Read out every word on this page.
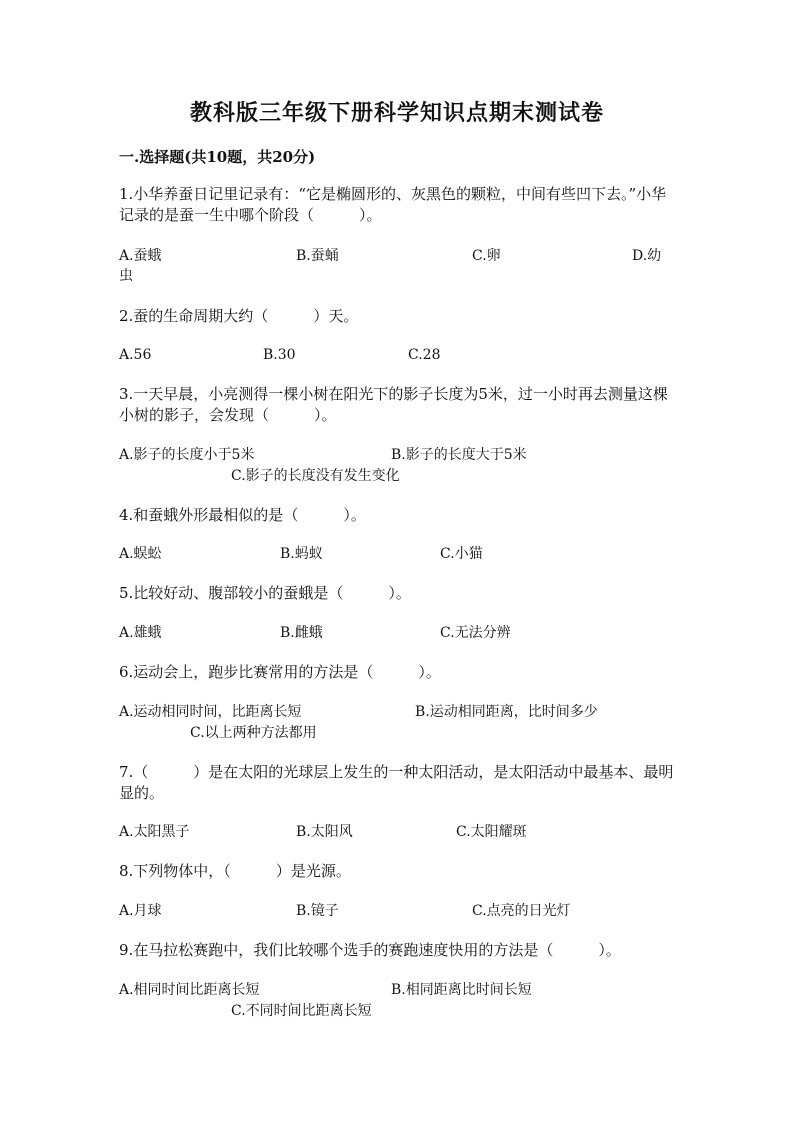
教科版三年级下册科学知识点期末测试卷
一.选择题(共10题，共20分)
1.小华养蚕日记里记录有：“它是椭圆形的、灰黑色的颗粒，中间有些凹下去。”小华记录的是蚕一生中哪个阶段（　　　）。
A.蚕蛾	B.蚕蛹	C.卵	D.幼
虫
2.蚕的生命周期大约（　　　）天。
A.56	B.30	C.28
3.一天早晨，小亮测得一棵小树在阳光下的影子长度为5米，过一小时再去测量这棵小树的影子，会发现（　　　）。
A.影子的长度小于5米	B.影子的长度大于5米
C.影子的长度没有发生变化
4.和蚕蛾外形最相似的是（　　　）。
A.蜈蚣	B.蚂蚁	C.小猫
5.比较好动、腹部较小的蚕蛾是（　　　）。
A.雄蛾	B.雌蛾	C.无法分辨
6.运动会上，跑步比赛常用的方法是（　　　）。
A.运动相同时间，比距离长短	B.运动相同距离，比时间多少
C.以上两种方法都用
7.（　　　）是在太阳的光球层上发生的一种太阳活动，是太阳活动中最基本、最明显的。
A.太阳黑子	B.太阳风	C.太阳耀斑
8.下列物体中，（　　　）是光源。
A.月球	B.镜子	C.点亮的日光灯
9.在马拉松赛跑中，我们比较哪个选手的赛跑速度快用的方法是（　　　）。
A.相同时间比距离长短	B.相同距离比时间长短
C.不同时间比距离长短
